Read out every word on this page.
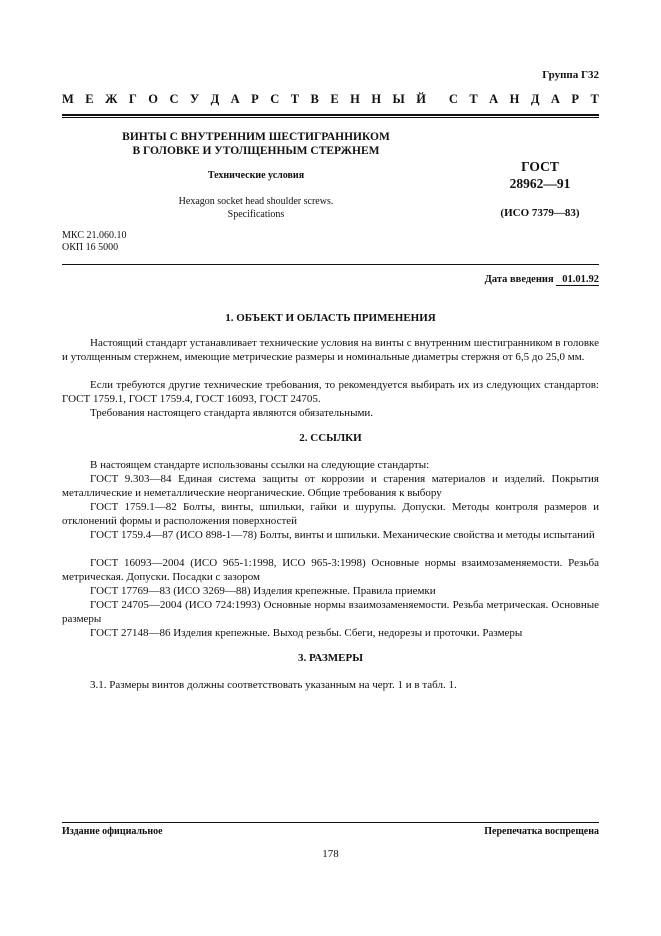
Группа Г32
М Е Ж Г О С У Д А Р С Т В Е Н Н Ы Й С Т А Н Д А Р Т
ВИНТЫ С ВНУТРЕННИМ ШЕСТИГРАННИКОМ
В ГОЛОВКЕ И УТОЛЩЕННЫМ СТЕРЖНЕМ
Технические условия
Hexagon socket head shoulder screws.
Specifications
ГОСТ
28962—91
(ИСО 7379—83)
МКС 21.060.10
ОКП 16 5000
Дата введения 01.01.92
1. ОБЪЕКТ И ОБЛАСТЬ ПРИМЕНЕНИЯ
Настоящий стандарт устанавливает технические условия на винты с внутренним шестигранником в головке и утолщенным стержнем, имеющие метрические размеры и номинальные диаметры стержня от 6,5 до 25,0 мм.
Если требуются другие технические требования, то рекомендуется выбирать их из следующих стандартов: ГОСТ 1759.1, ГОСТ 1759.4, ГОСТ 16093, ГОСТ 24705.
Требования настоящего стандарта являются обязательными.
2. ССЫЛКИ
В настоящем стандарте использованы ссылки на следующие стандарты:
ГОСТ 9.303—84 Единая система защиты от коррозии и старения материалов и изделий. Покрытия металлические и неметаллические неорганические. Общие требования к выбору
ГОСТ 1759.1—82 Болты, винты, шпильки, гайки и шурупы. Допуски. Методы контроля размеров и отклонений формы и расположения поверхностей
ГОСТ 1759.4—87 (ИСО 898-1—78) Болты, винты и шпильки. Механические свойства и методы испытаний
ГОСТ 16093—2004 (ИСО 965-1:1998, ИСО 965-3:1998) Основные нормы взаимозаменяемости. Резьба метрическая. Допуски. Посадки с зазором
ГОСТ 17769—83 (ИСО 3269—88) Изделия крепежные. Правила приемки
ГОСТ 24705—2004 (ИСО 724:1993) Основные нормы взаимозаменяемости. Резьба метрическая. Основные размеры
ГОСТ 27148—86 Изделия крепежные. Выход резьбы. Сбеги, недорезы и проточки. Размеры
3. РАЗМЕРЫ
3.1. Размеры винтов должны соответствовать указанным на черт. 1 и в табл. 1.
Издание официальное	Перепечатка воспрещена
178
